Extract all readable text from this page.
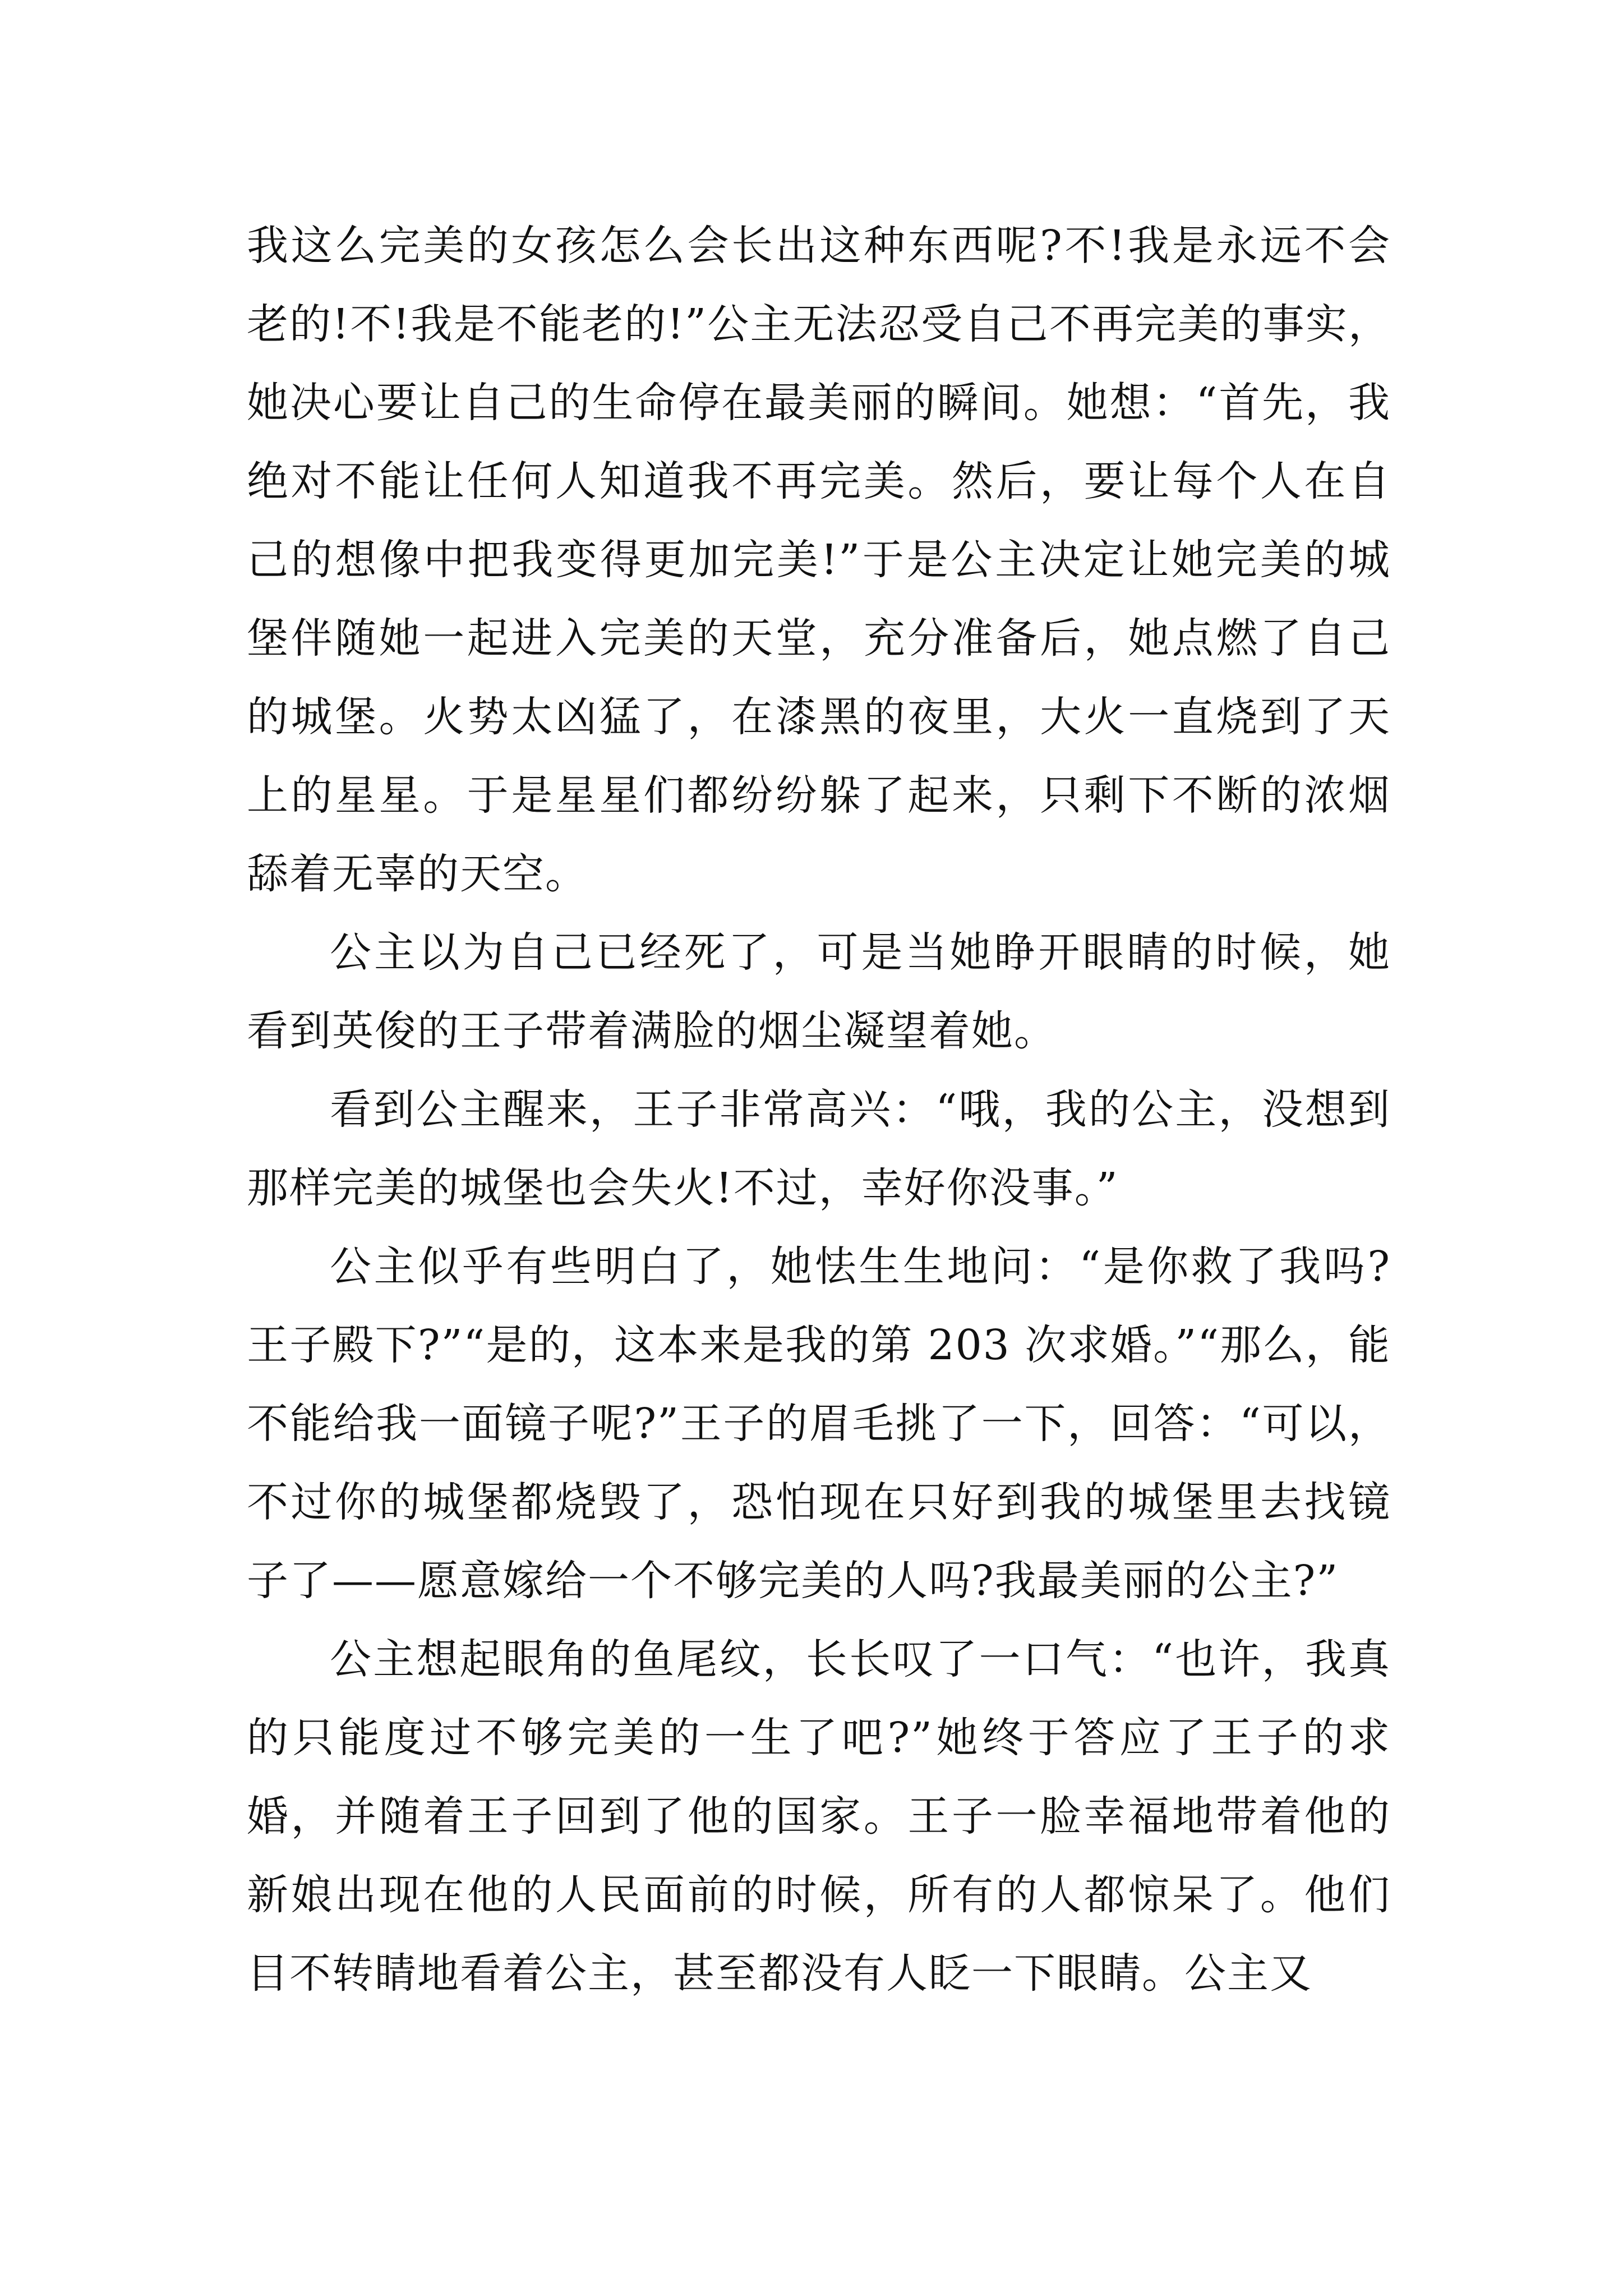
我这么完美的女孩怎么会长出这种东西呢?不!我是永远不会老的!不!我是不能老的!”公主无法忍受自己不再完美的事实，她决心要让自己的生命停在最美丽的瞬间。她想：“首先，我绝对不能让任何人知道我不再完美。然后，要让每个人在自己的想像中把我变得更加完美!”于是公主决定让她完美的城堡伴随她一起进入完美的天堂，充分准备后，她点燃了自己的城堡。火势太凶猛了，在漆黑的夜里，大火一直烧到了天上的星星。于是星星们都纷纷躲了起来，只剩下不断的浓烟舔着无辜的天空。

公主以为自己已经死了，可是当她睁开眼睛的时候，她看到英俊的王子带着满脸的烟尘凝望着她。

看到公主醒来，王子非常高兴：“哦，我的公主，没想到那样完美的城堡也会失火!不过，幸好你没事。”

公主似乎有些明白了，她怯生生地问：“是你救了我吗?王子殿下?”“是的，这本来是我的第 203 次求婚。”“那么，能不能给我一面镜子呢?”王子的眉毛挑了一下，回答：“可以，不过你的城堡都烧毁了，恐怕现在只好到我的城堡里去找镜子了——愿意嫁给一个不够完美的人吗?我最美丽的公主?”

公主想起眼角的鱼尾纹，长长叹了一口气：“也许，我真的只能度过不够完美的一生了吧?”她终于答应了王子的求婚，并随着王子回到了他的国家。王子一脸幸福地带着他的新娘出现在他的人民面前的时候，所有的人都惊呆了。他们目不转睛地看着公主，甚至都没有人眨一下眼睛。公主又
